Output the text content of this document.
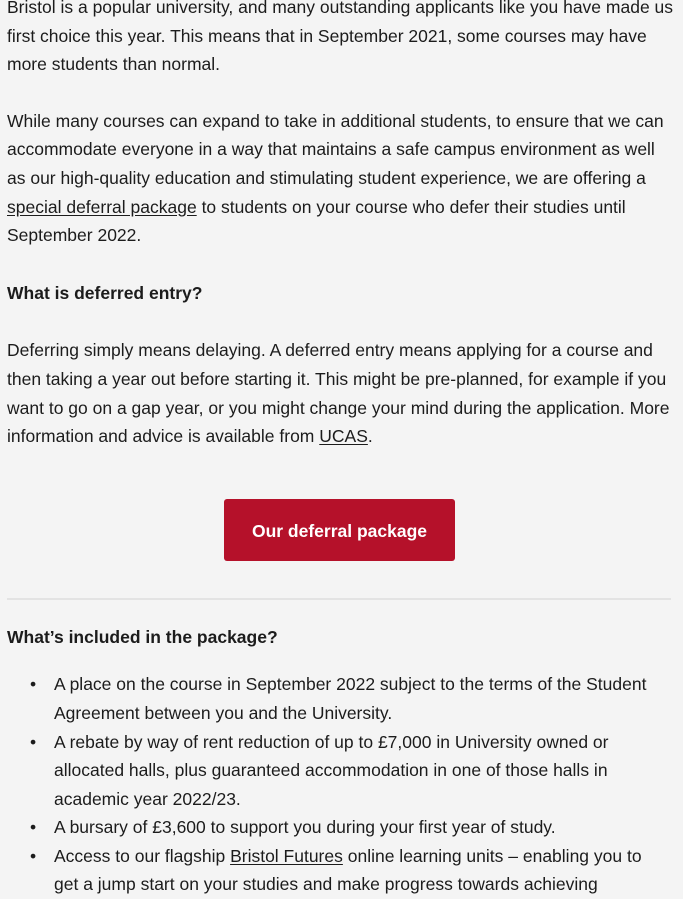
Bristol is a popular university, and many outstanding applicants like you have made us first choice this year. This means that in September 2021, some courses may have more students than normal.

While many courses can expand to take in additional students, to ensure that we can accommodate everyone in a way that maintains a safe campus environment as well as our high-quality education and stimulating student experience, we are offering a special deferral package to students on your course who defer their studies until September 2022.

What is deferred entry?

Deferring simply means delaying. A deferred entry means applying for a course and then taking a year out before starting it. This might be pre-planned, for example if you want to go on a gap year, or you might change your mind during the application. More information and advice is available from UCAS.

Our deferral package
What’s included in the package?
• A place on the course in September 2022 subject to the terms of the Student Agreement between you and the University.
• A rebate by way of rent reduction of up to £7,000 in University owned or allocated halls, plus guaranteed accommodation in one of those halls in academic year 2022/23.
• A bursary of £3,600 to support you during your first year of study.
• Access to our flagship Bristol Futures online learning units – enabling you to get a jump start on your studies and make progress towards achieving
